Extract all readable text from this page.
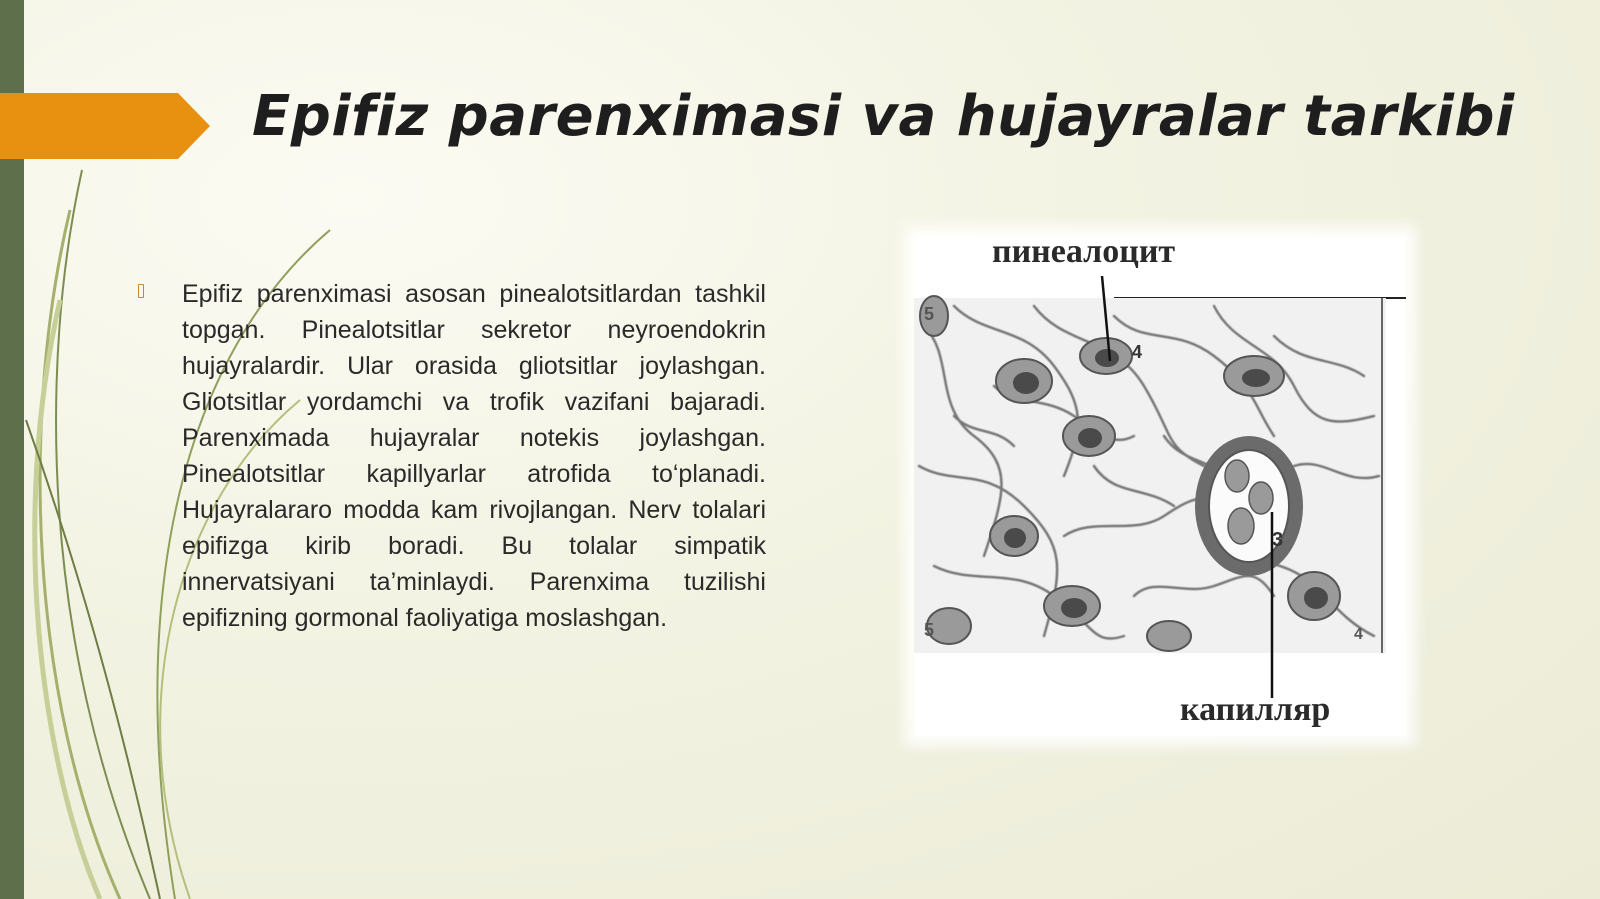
Epifiz parenximasi va hujayralar tarkibi

Epifiz parenximasi asosan pinealotsitlardan tashkil topgan. Pinealotsitlar sekretor neyroendokrin hujayralardir. Ular orasida gliotsitlar joylashgan. Gliotsitlar yordamchi va trofik vazifani bajaradi. Parenximada hujayralar notekis joylashgan. Pinealotsitlar kapillyarlar atrofida to‘planadi. Hujayralararo modda kam rivojlangan. Nerv tolalari epifizga kirib boradi. Bu tolalar simpatik innervatsiyani ta’minlaydi. Parenxima tuzilishi epifizning gormonal faoliyatiga moslashgan.

пинеалоцит
капилляр
5
4
3
5	4
